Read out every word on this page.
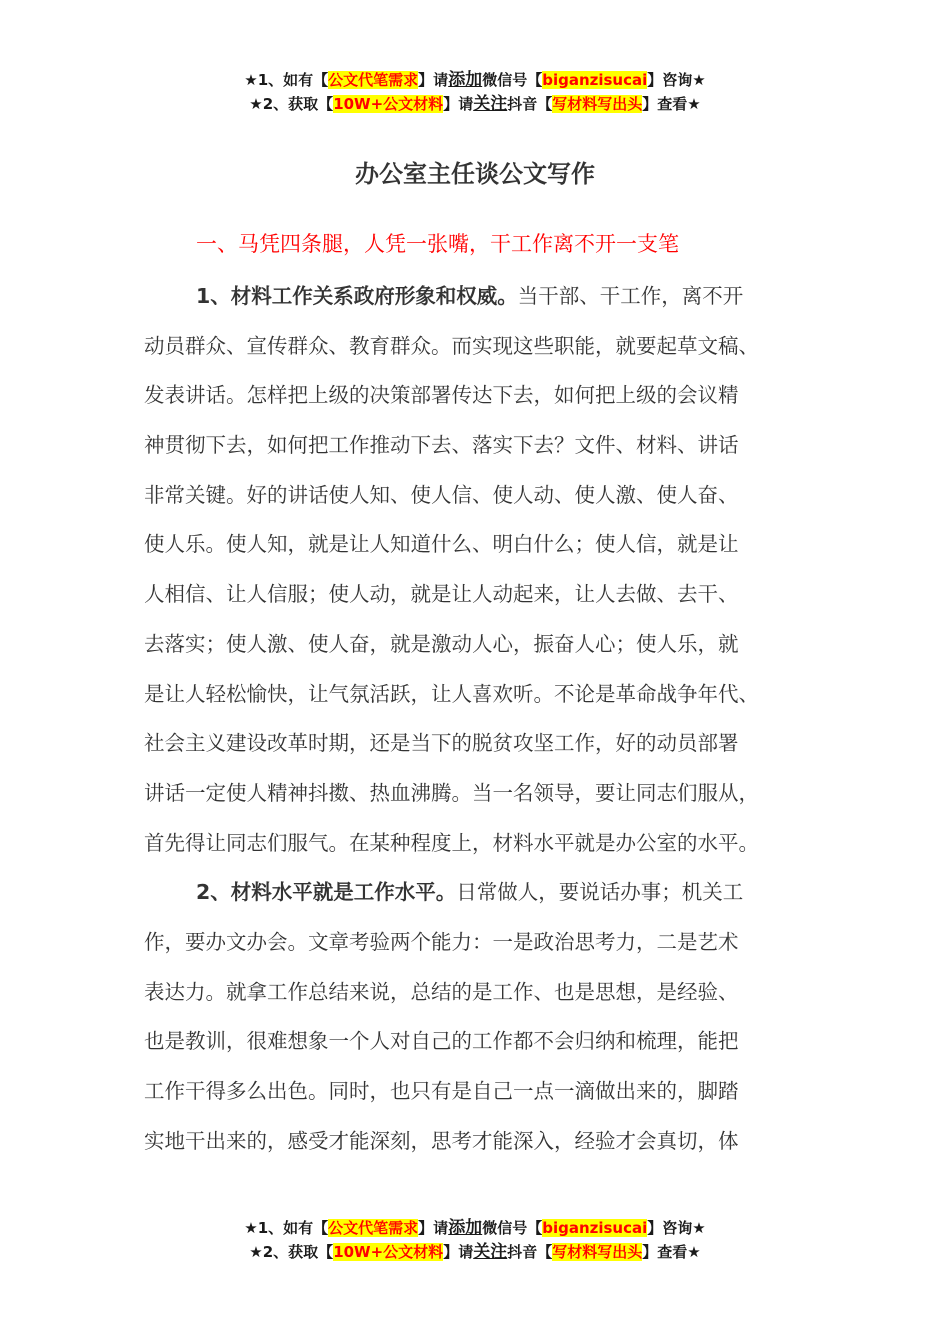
★1、如有【公文代笔需求】请添加微信号【biganzisucai】咨询★
★2、获取【10W+公文材料】请关注抖音【写材料写出头】查看★
办公室主任谈公文写作
一、马凭四条腿，人凭一张嘴，干工作离不开一支笔
1、材料工作关系政府形象和权威。当干部、干工作，离不开
动员群众、宣传群众、教育群众。而实现这些职能，就要起草文稿、
发表讲话。怎样把上级的决策部署传达下去，如何把上级的会议精
神贯彻下去，如何把工作推动下去、落实下去？文件、材料、讲话
非常关键。好的讲话使人知、使人信、使人动、使人激、使人奋、
使人乐。使人知，就是让人知道什么、明白什么；使人信，就是让
人相信、让人信服；使人动，就是让人动起来，让人去做、去干、
去落实；使人激、使人奋，就是激动人心，振奋人心；使人乐，就
是让人轻松愉快，让气氛活跃，让人喜欢听。不论是革命战争年代、
社会主义建设改革时期，还是当下的脱贫攻坚工作，好的动员部署
讲话一定使人精神抖擞、热血沸腾。当一名领导，要让同志们服从，
首先得让同志们服气。在某种程度上，材料水平就是办公室的水平。
2、材料水平就是工作水平。日常做人，要说话办事；机关工
作，要办文办会。文章考验两个能力：一是政治思考力，二是艺术
表达力。就拿工作总结来说，总结的是工作、也是思想，是经验、
也是教训，很难想象一个人对自己的工作都不会归纳和梳理，能把
工作干得多么出色。同时，也只有是自己一点一滴做出来的，脚踏
实地干出来的，感受才能深刻，思考才能深入，经验才会真切，体
★1、如有【公文代笔需求】请添加微信号【biganzisucai】咨询★
★2、获取【10W+公文材料】请关注抖音【写材料写出头】查看★
